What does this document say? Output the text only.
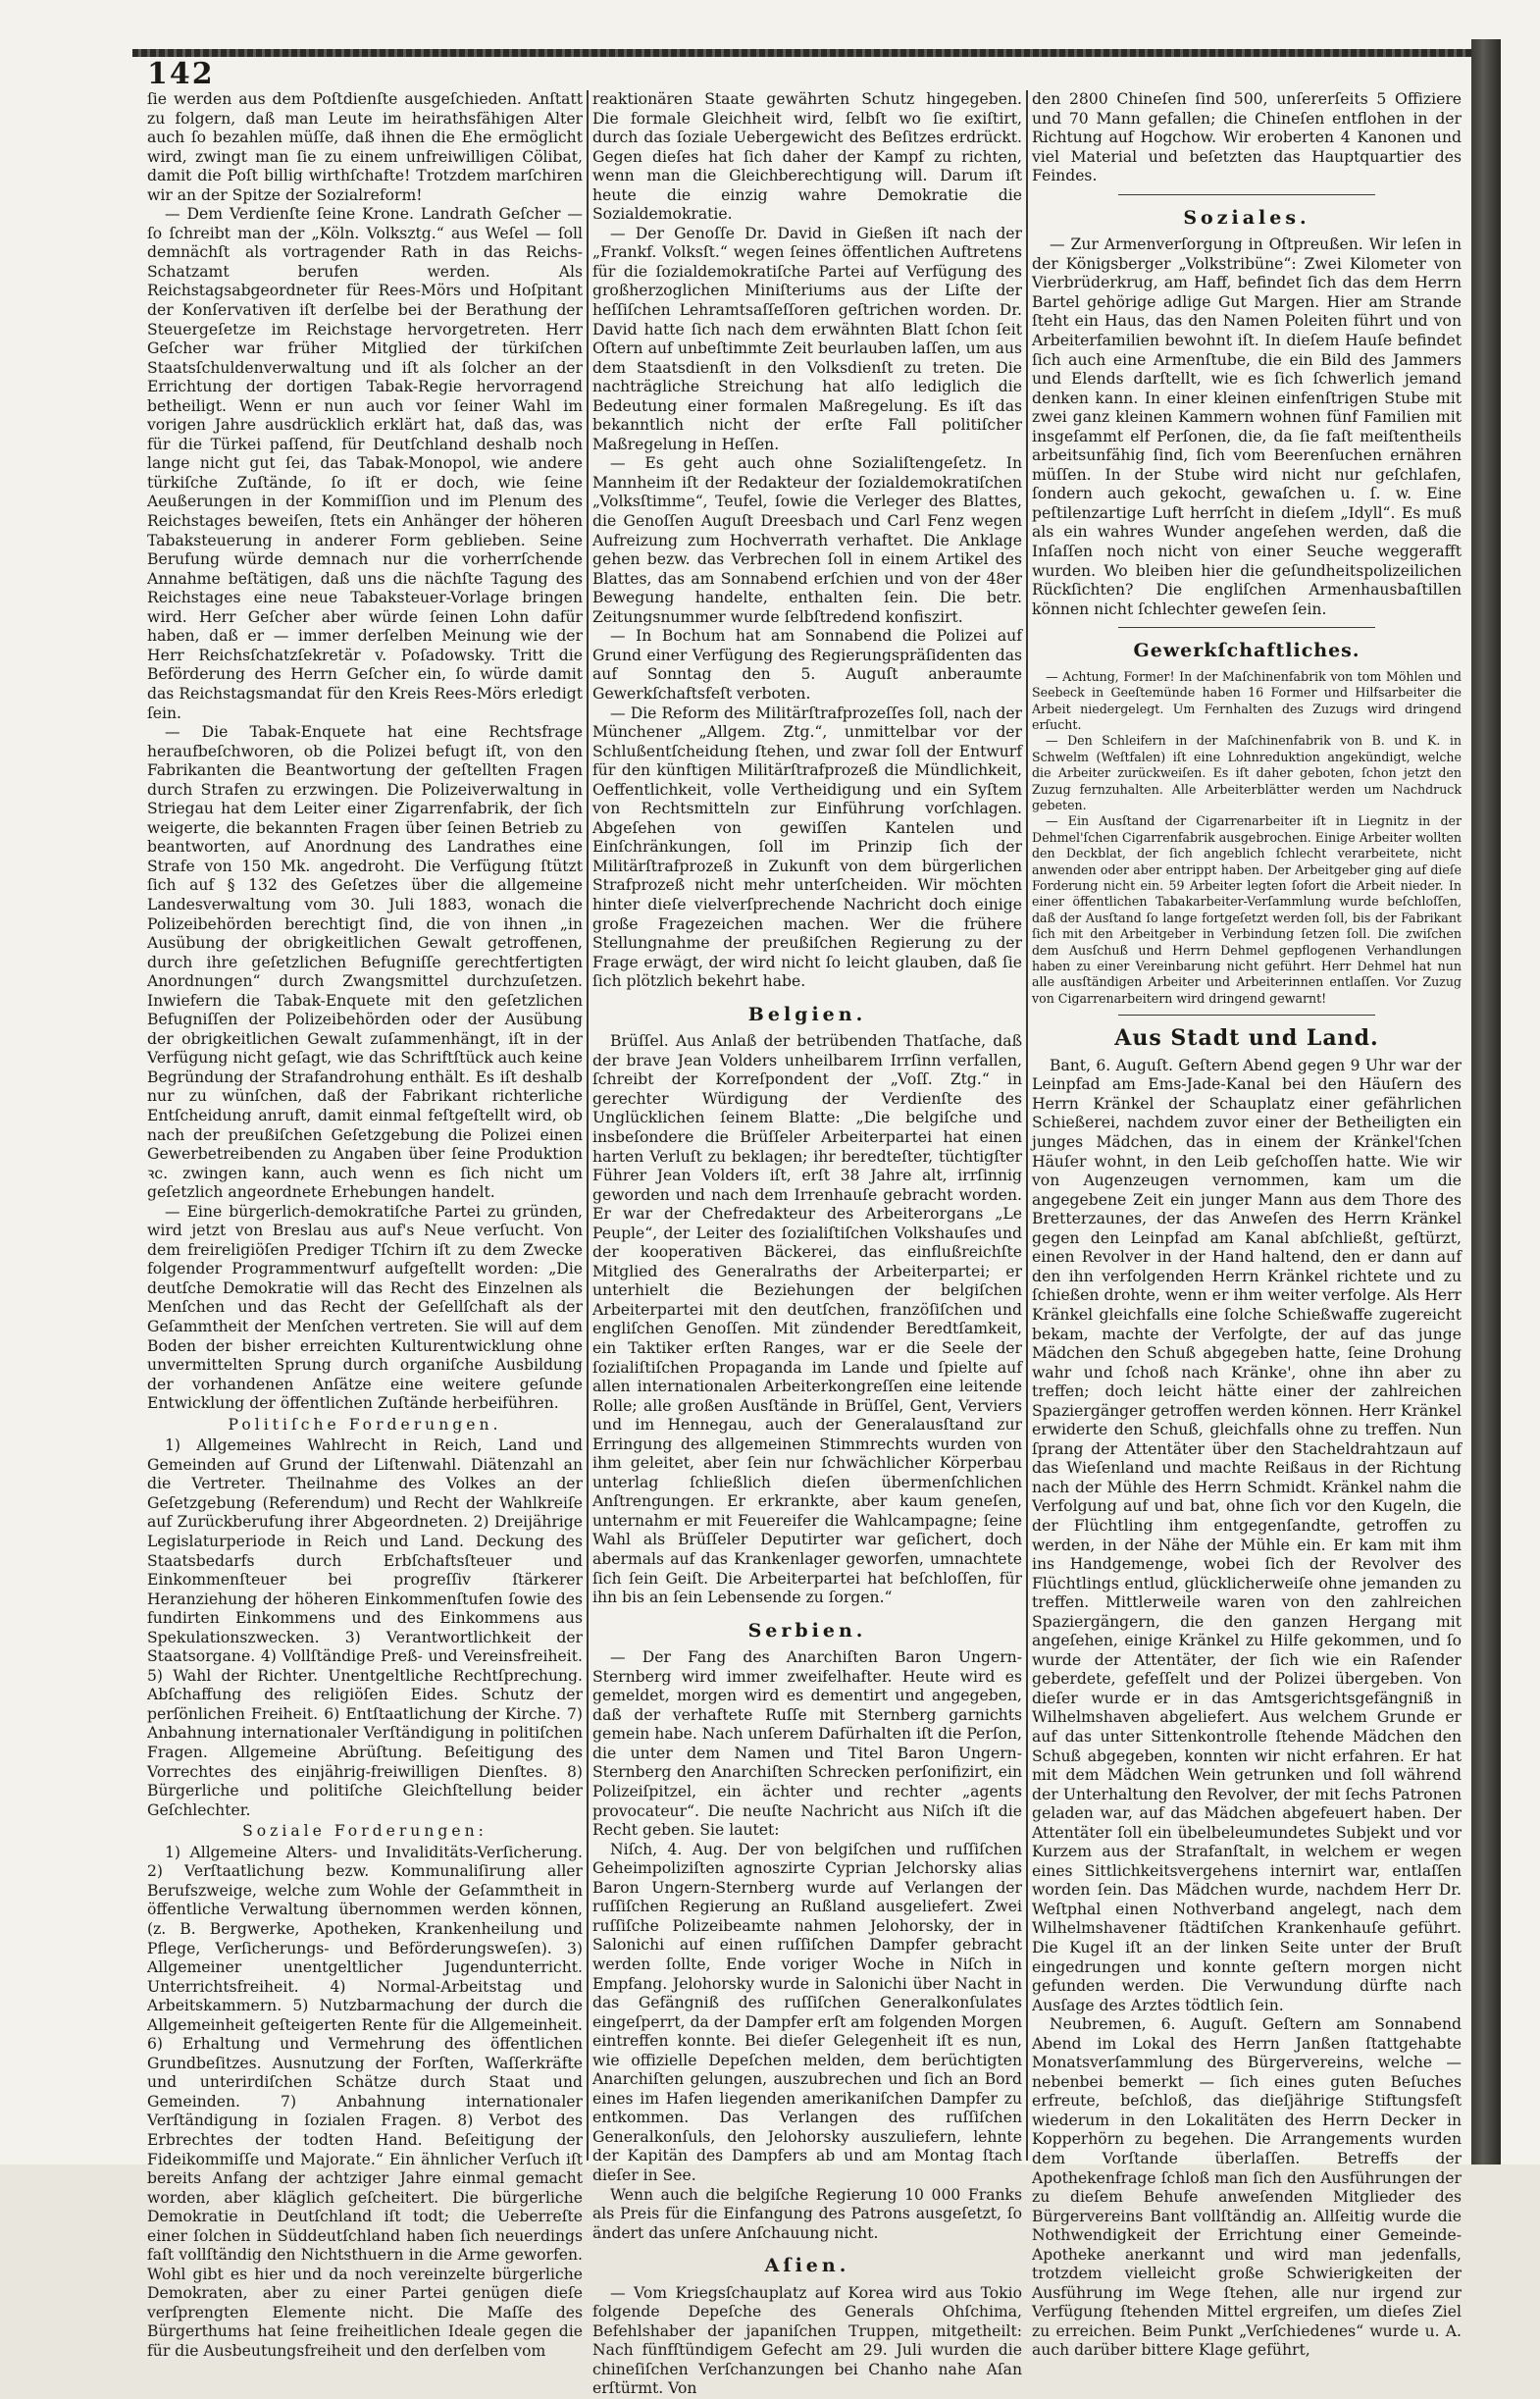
142

ſie werden aus dem Poſtdienſte ausgeſchieden. Anſtatt zu folgern, daß man Leute im heirathsfähigen Alter auch ſo bezahlen müſſe, daß ihnen die Ehe ermöglicht wird, zwingt man ſie zu einem unfreiwilligen Cölibat, damit die Poſt billig wirthſchafte! Trotzdem marſchiren wir an der Spitze der Sozialreform!

— Dem Verdienſte ſeine Krone. Landrath Geſcher — ſo ſchreibt man der „Köln. Volksztg.“ aus Weſel — ſoll demnächſt als vortragender Rath in das Reichs-Schatzamt berufen werden. Als Reichstagsabgeordneter für Rees-Mörs und Hoſpitant der Konſervativen iſt derſelbe bei der Berathung der Steuergeſetze im Reichstage hervorgetreten. Herr Geſcher war früher Mitglied der türkiſchen Staatsſchuldenverwaltung und iſt als ſolcher an der Errichtung der dortigen Tabak-Regie hervorragend betheiligt. Wenn er nun auch vor ſeiner Wahl im vorigen Jahre ausdrücklich erklärt hat, daß das, was für die Türkei paſſend, für Deutſchland deshalb noch lange nicht gut ſei, das Tabak-Monopol, wie andere türkiſche Zuſtände, ſo iſt er doch, wie ſeine Aeußerungen in der Kommiſſion und im Plenum des Reichstages beweiſen, ſtets ein Anhänger der höheren Tabaksteuerung in anderer Form geblieben. Seine Berufung würde demnach nur die vorherrſchende Annahme beſtätigen, daß uns die nächſte Tagung des Reichstages eine neue Tabaksteuer-Vorlage bringen wird. Herr Geſcher aber würde ſeinen Lohn dafür haben, daß er — immer derſelben Meinung wie der Herr Reichsſchatzſekretär v. Poſadowsky. Tritt die Beförderung des Herrn Geſcher ein, ſo würde damit das Reichstagsmandat für den Kreis Rees-Mörs erledigt ſein.

— Die Tabak-Enquete hat eine Rechtsfrage heraufbeſchworen, ob die Polizei befugt iſt, von den Fabrikanten die Beantwortung der geſtellten Fragen durch Strafen zu erzwingen. Die Polizeiverwaltung in Striegau hat dem Leiter einer Zigarrenfabrik, der ſich weigerte, die bekannten Fragen über ſeinen Betrieb zu beantworten, auf Anordnung des Landrathes eine Strafe von 150 Mk. angedroht. Die Verfügung ſtützt ſich auf § 132 des Geſetzes über die allgemeine Landesverwaltung vom 30. Juli 1883, wonach die Polizeibehörden berechtigt ſind, die von ihnen „in Ausübung der obrigkeitlichen Gewalt getroffenen, durch ihre geſetzlichen Befugniſſe gerechtfertigten Anordnungen“ durch Zwangsmittel durchzuſetzen. Inwiefern die Tabak-Enquete mit den geſetzlichen Befugniſſen der Polizeibehörden oder der Ausübung der obrigkeitlichen Gewalt zuſammenhängt, iſt in der Verfügung nicht geſagt, wie das Schriftſtück auch keine Begründung der Strafandrohung enthält. Es iſt deshalb nur zu wünſchen, daß der Fabrikant richterliche Entſcheidung anruft, damit einmal feſtgeſtellt wird, ob nach der preußiſchen Geſetzgebung die Polizei einen Gewerbetreibenden zu Angaben über ſeine Produktion ꝛc. zwingen kann, auch wenn es ſich nicht um geſetzlich angeordnete Erhebungen handelt.

— Eine bürgerlich-demokratiſche Partei zu gründen, wird jetzt von Breslau aus auf's Neue verſucht. Von dem freireligiöſen Prediger Tſchirn iſt zu dem Zwecke folgender Programmentwurf aufgeſtellt worden: „Die deutſche Demokratie will das Recht des Einzelnen als Menſchen und das Recht der Geſellſchaft als der Geſammtheit der Menſchen vertreten. Sie will auf dem Boden der bisher erreichten Kulturentwicklung ohne unvermittelten Sprung durch organiſche Ausbildung der vorhandenen Anſätze eine weitere geſunde Entwicklung der öffentlichen Zuſtände herbeiführen.

Politiſche Forderungen.

1) Allgemeines Wahlrecht in Reich, Land und Gemeinden auf Grund der Liſtenwahl. Diätenzahl an die Vertreter. Theilnahme des Volkes an der Geſetzgebung (Referendum) und Recht der Wahlkreiſe auf Zurückberufung ihrer Abgeordneten. 2) Dreijährige Legislaturperiode in Reich und Land. Deckung des Staatsbedarfs durch Erbſchaftsſteuer und Einkommenſteuer bei progreſſiv ſtärkerer Heranziehung der höheren Einkommenſtufen ſowie des fundirten Einkommens und des Einkommens aus Spekulationszwecken. 3) Verantwortlichkeit der Staatsorgane. 4) Vollſtändige Preß- und Vereinsfreiheit. 5) Wahl der Richter. Unentgeltliche Rechtſprechung. Abſchaffung des religiöſen Eides. Schutz der perſönlichen Freiheit. 6) Entſtaatlichung der Kirche. 7) Anbahnung internationaler Verſtändigung in politiſchen Fragen. Allgemeine Abrüſtung. Beſeitigung des Vorrechtes des einjährig-freiwilligen Dienſtes. 8) Bürgerliche und politiſche Gleichſtellung beider Geſchlechter.

Soziale Forderungen:

1) Allgemeine Alters- und Invaliditäts-Verſicherung. 2) Verſtaatlichung bezw. Kommunaliſirung aller Berufszweige, welche zum Wohle der Geſammtheit in öffentliche Verwaltung übernommen werden können, (z. B. Bergwerke, Apotheken, Krankenheilung und Pflege, Verſicherungs- und Beförderungsweſen). 3) Allgemeiner unentgeltlicher Jugendunterricht. Unterrichtsfreiheit. 4) Normal-Arbeitstag und Arbeitskammern. 5) Nutzbarmachung der durch die Allgemeinheit geſteigerten Rente für die Allgemeinheit. 6) Erhaltung und Vermehrung des öffentlichen Grundbeſitzes. Ausnutzung der Forſten, Waſſerkräfte und unterirdiſchen Schätze durch Staat und Gemeinden. 7) Anbahnung internationaler Verſtändigung in ſozialen Fragen. 8) Verbot des Erbrechtes der todten Hand. Beſeitigung der Fideikommiſſe und Majorate.“ Ein ähnlicher Verſuch iſt bereits Anfang der achtziger Jahre einmal gemacht worden, aber kläglich geſcheitert. Die bürgerliche Demokratie in Deutſchland iſt todt; die Ueberreſte einer ſolchen in Süddeutſchland haben ſich neuerdings faſt vollſtändig den Nichtsthuern in die Arme geworfen. Wohl gibt es hier und da noch vereinzelte bürgerliche Demokraten, aber zu einer Partei genügen dieſe verſprengten Elemente nicht. Die Maſſe des Bürgerthums hat ſeine freiheitlichen Ideale gegen die für die Ausbeutungsfreiheit und den derſelben vom

reaktionären Staate gewährten Schutz hingegeben. Die formale Gleichheit wird, ſelbſt wo ſie exiſtirt, durch das ſoziale Uebergewicht des Beſitzes erdrückt. Gegen dieſes hat ſich daher der Kampf zu richten, wenn man die Gleichberechtigung will. Darum iſt heute die einzig wahre Demokratie die Sozialdemokratie.

— Der Genoſſe Dr. David in Gießen iſt nach der „Frankf. Volksſt.“ wegen ſeines öffentlichen Auftretens für die ſozialdemokratiſche Partei auf Verfügung des großherzoglichen Miniſteriums aus der Liſte der heſſiſchen Lehramtsaſſeſſoren geſtrichen worden. Dr. David hatte ſich nach dem erwähnten Blatt ſchon ſeit Oſtern auf unbeſtimmte Zeit beurlauben laſſen, um aus dem Staatsdienſt in den Volksdienſt zu treten. Die nachträgliche Streichung hat alſo lediglich die Bedeutung einer formalen Maßregelung. Es iſt das bekanntlich nicht der erſte Fall politiſcher Maßregelung in Heſſen.

— Es geht auch ohne Sozialiſtengeſetz. In Mannheim iſt der Redakteur der ſozialdemokratiſchen „Volksſtimme“, Teufel, ſowie die Verleger des Blattes, die Genoſſen Auguſt Dreesbach und Carl Fenz wegen Aufreizung zum Hochverrath verhaftet. Die Anklage gehen bezw. das Verbrechen ſoll in einem Artikel des Blattes, das am Sonnabend erſchien und von der 48er Bewegung handelte, enthalten ſein. Die betr. Zeitungsnummer wurde ſelbſtredend konfiszirt.

— In Bochum hat am Sonnabend die Polizei auf Grund einer Verfügung des Regierungspräſidenten das auf Sonntag den 5. Auguſt anberaumte Gewerkſchaftsfeſt verboten.

— Die Reform des Militärſtrafprozeſſes ſoll, nach der Münchener „Allgem. Ztg.“, unmittelbar vor der Schlußentſcheidung ſtehen, und zwar ſoll der Entwurf für den künftigen Militärſtrafprozeß die Mündlichkeit, Oeffentlichkeit, volle Vertheidigung und ein Syſtem von Rechtsmitteln zur Einführung vorſchlagen. Abgeſehen von gewiſſen Kantelen und Einſchränkungen, ſoll im Prinzip ſich der Militärſtrafprozeß in Zukunft von dem bürgerlichen Strafprozeß nicht mehr unterſcheiden. Wir möchten hinter dieſe vielverſprechende Nachricht doch einige große Fragezeichen machen. Wer die frühere Stellungnahme der preußiſchen Regierung zu der Frage erwägt, der wird nicht ſo leicht glauben, daß ſie ſich plötzlich bekehrt habe.

Belgien.

Brüſſel. Aus Anlaß der betrübenden Thatſache, daß der brave Jean Volders unheilbarem Irrſinn verfallen, ſchreibt der Korreſpondent der „Voſſ. Ztg.“ in gerechter Würdigung der Verdienſte des Unglücklichen ſeinem Blatte: „Die belgiſche und insbeſondere die Brüſſeler Arbeiterpartei hat einen harten Verluſt zu beklagen; ihr beredteſter, tüchtigſter Führer Jean Volders iſt, erſt 38 Jahre alt, irrſinnig geworden und nach dem Irrenhauſe gebracht worden. Er war der Chefredakteur des Arbeiterorgans „Le Peuple“, der Leiter des ſozialiſtiſchen Volkshauſes und der kooperativen Bäckerei, das einflußreichſte Mitglied des Generalraths der Arbeiterpartei; er unterhielt die Beziehungen der belgiſchen Arbeiterpartei mit den deutſchen, franzöſiſchen und engliſchen Genoſſen. Mit zündender Beredtſamkeit, ein Taktiker erſten Ranges, war er die Seele der ſozialiſtiſchen Propaganda im Lande und ſpielte auf allen internationalen Arbeiterkongreſſen eine leitende Rolle; alle großen Ausſtände in Brüſſel, Gent, Verviers und im Hennegau, auch der Generalausſtand zur Erringung des allgemeinen Stimmrechts wurden von ihm geleitet, aber ſein nur ſchwächlicher Körperbau unterlag ſchließlich dieſen übermenſchlichen Anſtrengungen. Er erkrankte, aber kaum geneſen, unternahm er mit Feuereifer die Wahlcampagne; ſeine Wahl als Brüſſeler Deputirter war geſichert, doch abermals auf das Krankenlager geworfen, umnachtete ſich ſein Geiſt. Die Arbeiterpartei hat beſchloſſen, für ihn bis an ſein Lebensende zu ſorgen.“

Serbien.

— Der Fang des Anarchiſten Baron Ungern-Sternberg wird immer zweifelhafter. Heute wird es gemeldet, morgen wird es dementirt und angegeben, daß der verhaftete Ruſſe mit Sternberg garnichts gemein habe. Nach unſerem Dafürhalten iſt die Perſon, die unter dem Namen und Titel Baron Ungern-Sternberg den Anarchiſten Schrecken perſonifizirt, ein Polizeiſpitzel, ein ächter und rechter „agents provocateur“. Die neuſte Nachricht aus Niſch iſt die Recht geben. Sie lautet:

Niſch, 4. Aug. Der von belgiſchen und ruſſiſchen Geheimpoliziſten agnoszirte Cyprian Jelchorsky alias Baron Ungern-Sternberg wurde auf Verlangen der ruſſiſchen Regierung an Rußland ausgeliefert. Zwei ruſſiſche Polizeibeamte nahmen Jelohorsky, der in Salonichi auf einen ruſſiſchen Dampfer gebracht werden ſollte, Ende voriger Woche in Niſch in Empfang. Jelohorsky wurde in Salonichi über Nacht in das Gefängniß des ruſſiſchen Generalkonſulates eingeſperrt, da der Dampfer erſt am folgenden Morgen eintreffen konnte. Bei dieſer Gelegenheit iſt es nun, wie offizielle Depeſchen melden, dem berüchtigten Anarchiſten gelungen, auszubrechen und ſich an Bord eines im Hafen liegenden amerikaniſchen Dampfer zu entkommen. Das Verlangen des ruſſiſchen Generalkonſuls, den Jelohorsky auszuliefern, lehnte der Kapitän des Dampfers ab und am Montag ſtach dieſer in See.

Wenn auch die belgiſche Regierung 10 000 Franks als Preis für die Einfangung des Patrons ausgeſetzt, ſo ändert das unſere Anſchauung nicht.

Aſien.

— Vom Kriegsſchauplatz auf Korea wird aus Tokio folgende Depeſche des Generals Ohſchima, Befehlshaber der japaniſchen Truppen, mitgetheilt: Nach fünfſtündigem Gefecht am 29. Juli wurden die chineſiſchen Verſchanzungen bei Chanho nahe Aſan erſtürmt. Von

den 2800 Chineſen ſind 500, unſererſeits 5 Offiziere und 70 Mann gefallen; die Chineſen entflohen in der Richtung auf Hogchow. Wir eroberten 4 Kanonen und viel Material und beſetzten das Hauptquartier des Feindes.

Soziales.

— Zur Armenverſorgung in Oſtpreußen. Wir leſen in der Königsberger „Volkstribüne“: Zwei Kilometer von Vierbrüderkrug, am Haff, befindet ſich das dem Herrn Bartel gehörige adlige Gut Margen. Hier am Strande ſteht ein Haus, das den Namen Poleiten führt und von Arbeiterfamilien bewohnt iſt. In dieſem Hauſe befindet ſich auch eine Armenſtube, die ein Bild des Jammers und Elends darſtellt, wie es ſich ſchwerlich jemand denken kann. In einer kleinen einfenſtrigen Stube mit zwei ganz kleinen Kammern wohnen fünf Familien mit insgeſammt elf Perſonen, die, da ſie faſt meiſtentheils arbeitsunfähig ſind, ſich vom Beerenſuchen ernähren müſſen. In der Stube wird nicht nur geſchlafen, ſondern auch gekocht, gewaſchen u. ſ. w. Eine peſtilenzartige Luft herrſcht in dieſem „Idyll“. Es muß als ein wahres Wunder angeſehen werden, daß die Inſaſſen noch nicht von einer Seuche weggerafft wurden. Wo bleiben hier die geſundheitspolizeilichen Rückſichten? Die engliſchen Armenhausbaſtillen können nicht ſchlechter geweſen ſein.

Gewerkſchaftliches.

— Achtung, Former! In der Maſchinenfabrik von tom Möhlen und Seebeck in Geeſtemünde haben 16 Former und Hilfsarbeiter die Arbeit niedergelegt. Um Fernhalten des Zuzugs wird dringend erſucht.

— Den Schleifern in der Maſchinenfabrik von B. und K. in Schwelm (Weſtfalen) iſt eine Lohnreduktion angekündigt, welche die Arbeiter zurückweiſen. Es iſt daher geboten, ſchon jetzt den Zuzug fernzuhalten. Alle Arbeiterblätter werden um Nachdruck gebeten.

— Ein Ausſtand der Cigarrenarbeiter iſt in Liegnitz in der Dehmel'ſchen Cigarrenfabrik ausgebrochen. Einige Arbeiter wollten den Deckblat, der ſich angeblich ſchlecht verarbeitete, nicht anwenden oder aber entrippt haben. Der Arbeitgeber ging auf dieſe Forderung nicht ein. 59 Arbeiter legten ſofort die Arbeit nieder. In einer öffentlichen Tabakarbeiter-Verſammlung wurde beſchloſſen, daß der Ausſtand ſo lange fortgeſetzt werden ſoll, bis der Fabrikant ſich mit den Arbeitgeber in Verbindung ſetzen ſoll. Die zwiſchen dem Ausſchuß und Herrn Dehmel gepflogenen Verhandlungen haben zu einer Vereinbarung nicht geführt. Herr Dehmel hat nun alle ausſtändigen Arbeiter und Arbeiterinnen entlaſſen. Vor Zuzug von Cigarrenarbeitern wird dringend gewarnt!

Aus Stadt und Land.

Bant, 6. Auguſt. Geſtern Abend gegen 9 Uhr war der Leinpfad am Ems-Jade-Kanal bei den Häuſern des Herrn Kränkel der Schauplatz einer gefährlichen Schießerei, nachdem zuvor einer der Betheiligten ein junges Mädchen, das in einem der Kränkel'ſchen Häuſer wohnt, in den Leib geſchoſſen hatte. Wie wir von Augenzeugen vernommen, kam um die angegebene Zeit ein junger Mann aus dem Thore des Bretterzaunes, der das Anweſen des Herrn Kränkel gegen den Leinpfad am Kanal abſchließt, geſtürzt, einen Revolver in der Hand haltend, den er dann auf den ihn verfolgenden Herrn Kränkel richtete und zu ſchießen drohte, wenn er ihm weiter verfolge. Als Herr Kränkel gleichfalls eine ſolche Schießwaffe zugereicht bekam, machte der Verfolgte, der auf das junge Mädchen den Schuß abgegeben hatte, ſeine Drohung wahr und ſchoß nach Kränke', ohne ihn aber zu treffen; doch leicht hätte einer der zahlreichen Spaziergänger getroffen werden können. Herr Kränkel erwiderte den Schuß, gleichfalls ohne zu treffen. Nun ſprang der Attentäter über den Stacheldrahtzaun auf das Wieſenland und machte Reißaus in der Richtung nach der Mühle des Herrn Schmidt. Kränkel nahm die Verfolgung auf und bat, ohne ſich vor den Kugeln, die der Flüchtling ihm entgegenſandte, getroffen zu werden, in der Nähe der Mühle ein. Er kam mit ihm ins Handgemenge, wobei ſich der Revolver des Flüchtlings entlud, glücklicherweiſe ohne jemanden zu treffen. Mittlerweile waren von den zahlreichen Spaziergängern, die den ganzen Hergang mit angeſehen, einige Kränkel zu Hilfe gekommen, und ſo wurde der Attentäter, der ſich wie ein Raſender geberdete, gefeſſelt und der Polizei übergeben. Von dieſer wurde er in das Amtsgerichtsgefängniß in Wilhelmshaven abgeliefert. Aus welchem Grunde er auf das unter Sittenkontrolle ſtehende Mädchen den Schuß abgegeben, konnten wir nicht erfahren. Er hat mit dem Mädchen Wein getrunken und ſoll während der Unterhaltung den Revolver, der mit ſechs Patronen geladen war, auf das Mädchen abgefeuert haben. Der Attentäter ſoll ein übelbeleumundetes Subjekt und vor Kurzem aus der Strafanſtalt, in welchem er wegen eines Sittlichkeitsvergehens internirt war, entlaſſen worden ſein. Das Mädchen wurde, nachdem Herr Dr. Weſtphal einen Nothverband angelegt, nach dem Wilhelmshavener ſtädtiſchen Krankenhauſe geführt. Die Kugel iſt an der linken Seite unter der Bruſt eingedrungen und konnte geſtern morgen nicht gefunden werden. Die Verwundung dürfte nach Ausſage des Arztes tödtlich ſein.

Neubremen, 6. Auguſt. Geſtern am Sonnabend Abend im Lokal des Herrn Janßen ſtattgehabte Monatsverſammlung des Bürgervereins, welche — nebenbei bemerkt — ſich eines guten Beſuches erfreute, beſchloß, das dieſjährige Stiftungsfeſt wiederum in den Lokalitäten des Herrn Decker in Kopperhörn zu begehen. Die Arrangements wurden dem Vorſtande überlaſſen. Betreffs der Apothekenfrage ſchloß man ſich den Ausführungen der zu dieſem Behufe anweſenden Mitglieder des Bürgervereins Bant vollſtändig an. Allſeitig wurde die Nothwendigkeit der Errichtung einer Gemeinde-Apotheke anerkannt und wird man jedenfalls, trotzdem vielleicht große Schwierigkeiten der Ausführung im Wege ſtehen, alle nur irgend zur Verfügung ſtehenden Mittel ergreifen, um dieſes Ziel zu erreichen. Beim Punkt „Verſchiedenes“ wurde u. A. auch darüber bittere Klage geführt,
